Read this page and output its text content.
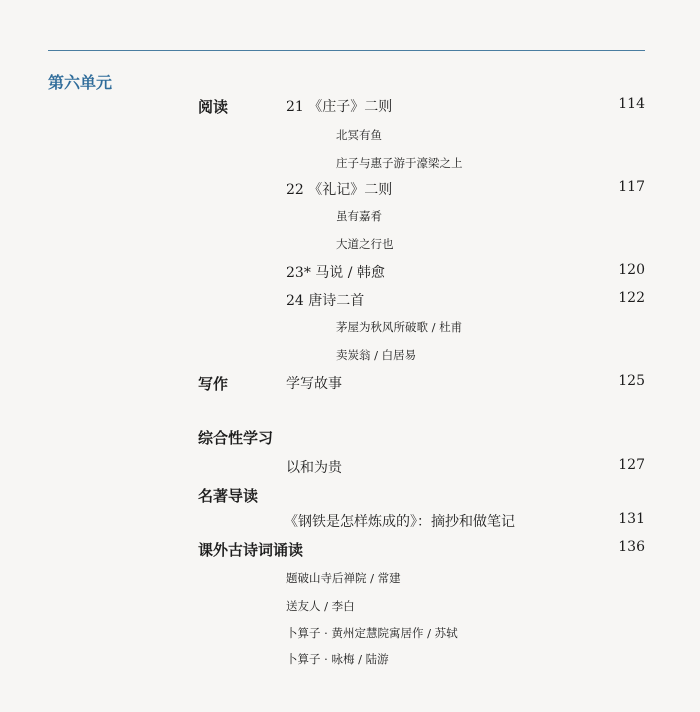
第六单元
阅读	21 《庄子》二则	114
北冥有鱼
庄子与惠子游于濠梁之上
22 《礼记》二则	117
虽有嘉肴
大道之行也
23* 马说 / 韩愈	120
24 唐诗二首	122
茅屋为秋风所破歌 / 杜甫
卖炭翁 / 白居易
写作	学写故事	125
综合性学习
以和为贵	127
名著导读
《钢铁是怎样炼成的》：摘抄和做笔记	131
课外古诗词诵读	136
题破山寺后禅院 / 常建
送友人 / 李白
卜算子 · 黄州定慧院寓居作 / 苏轼
卜算子 · 咏梅 / 陆游
